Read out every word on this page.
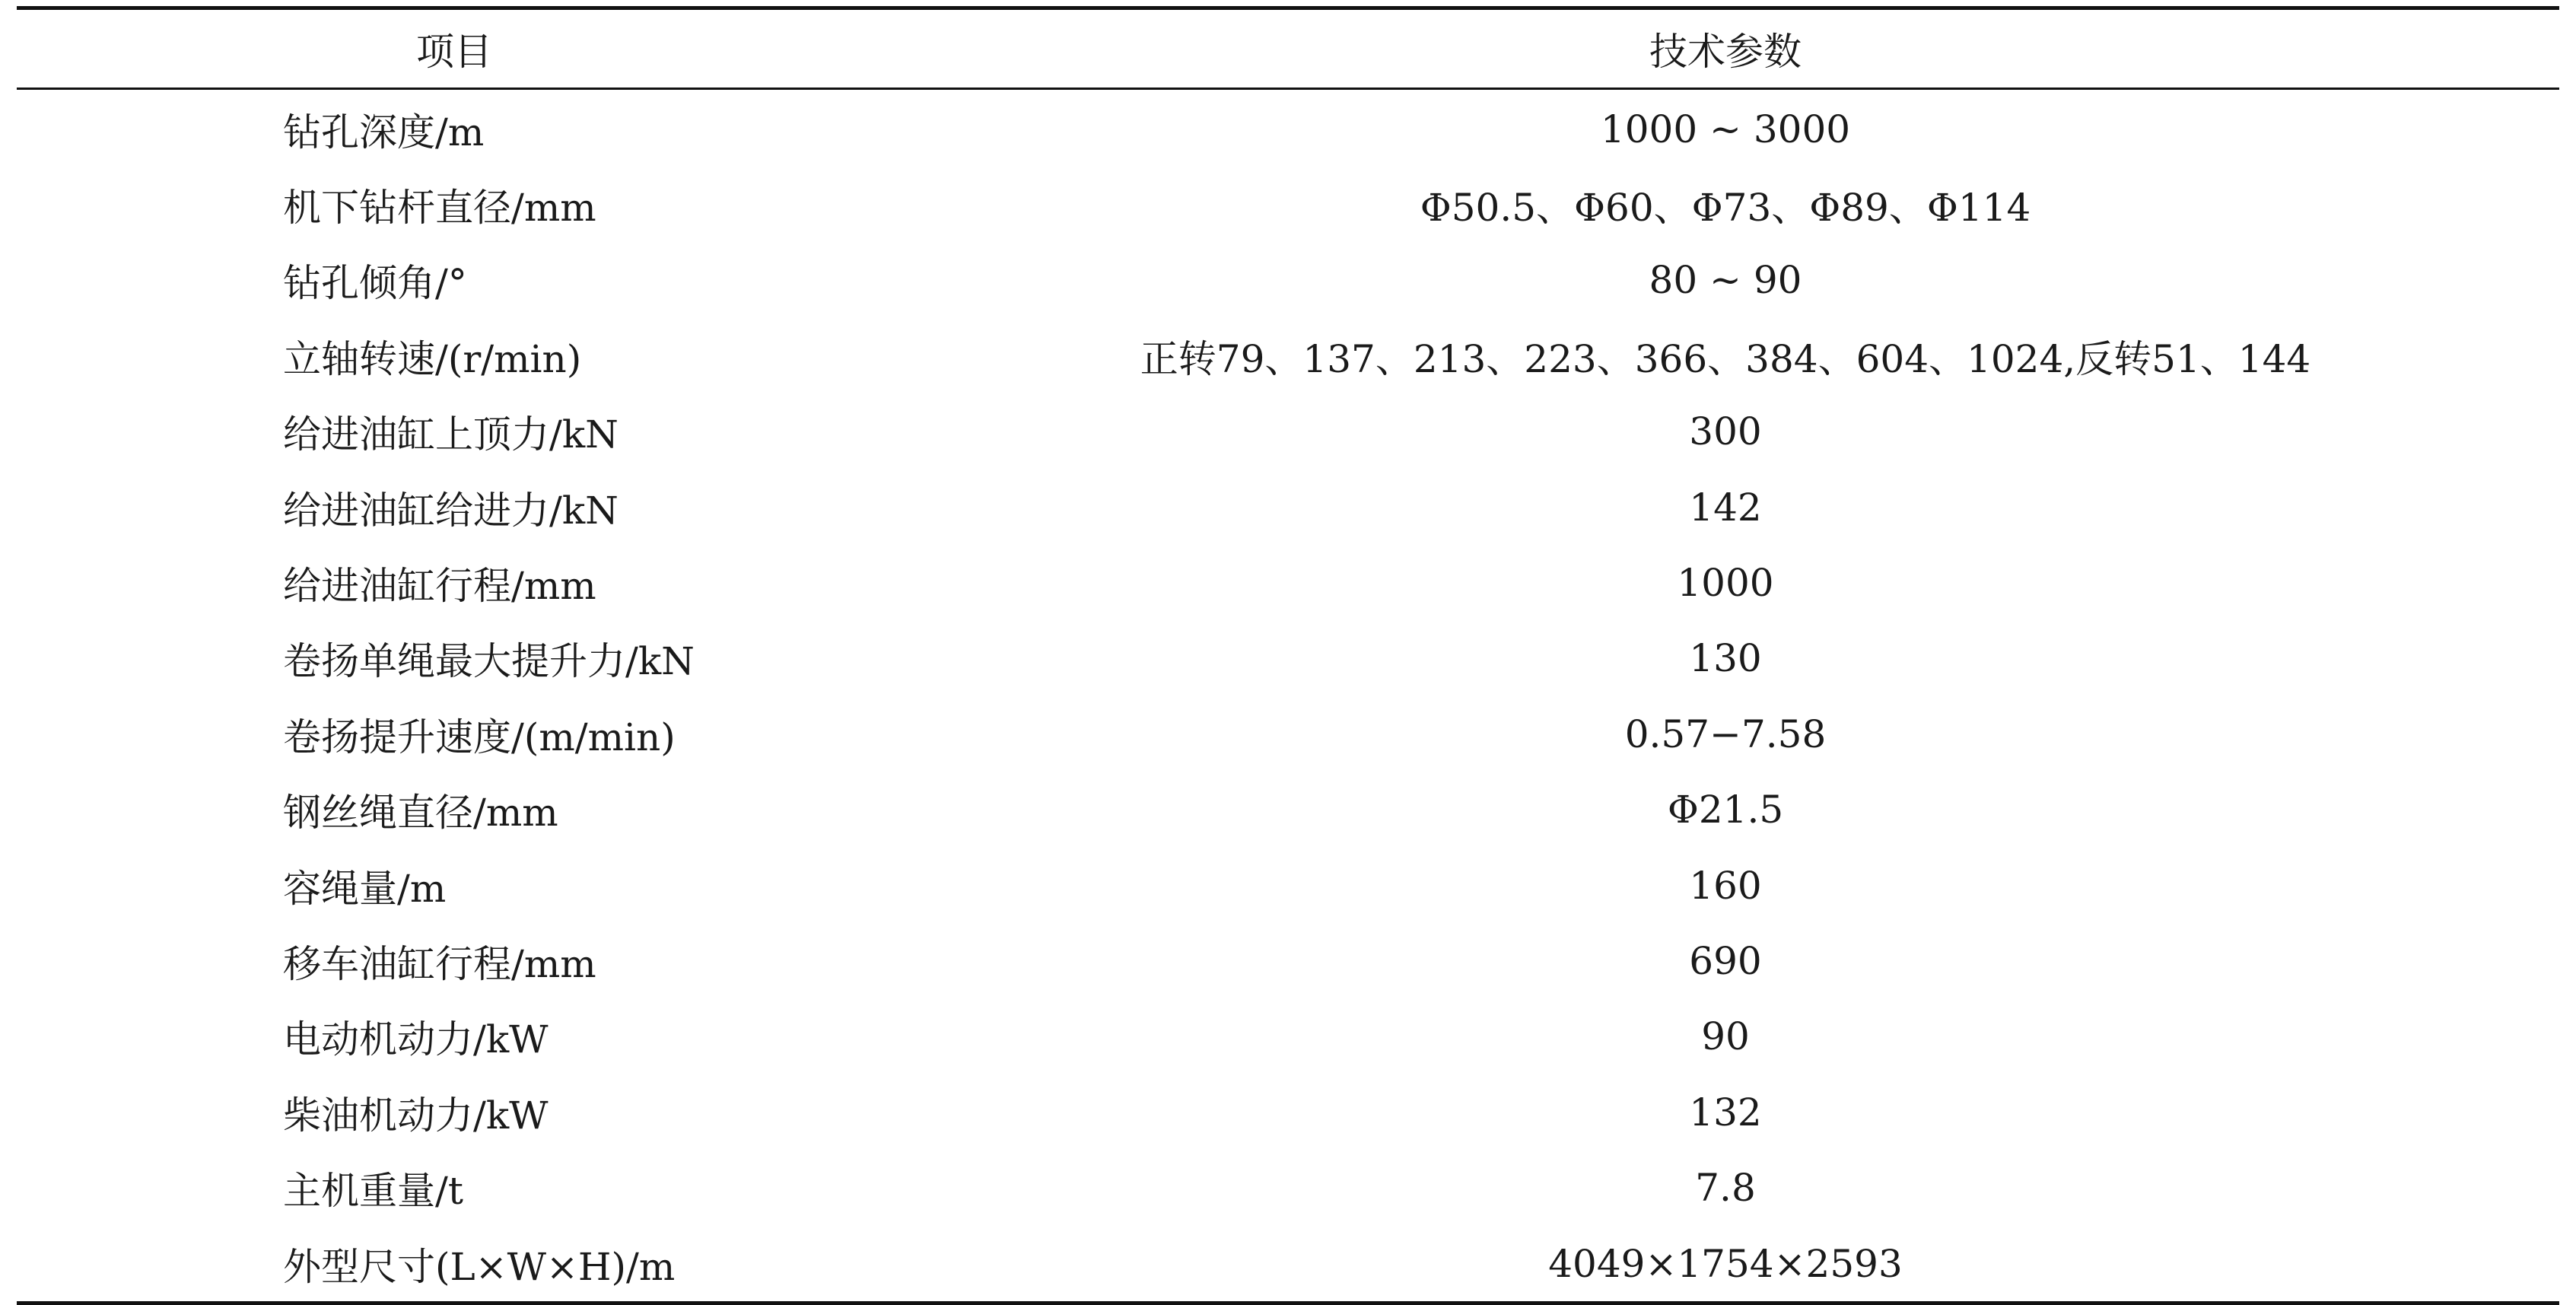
项目	技术参数
钻孔深度/m	1000 ~ 3000
机下钻杆直径/mm	Φ50.5、Φ60、Φ73、Φ89、Φ114
钻孔倾角/°	80 ~ 90
立轴转速/(r/min)	正转79、137、213、223、366、384、604、1024,反转51、144
给进油缸上顶力/kN	300
给进油缸给进力/kN	142
给进油缸行程/mm	1000
卷扬单绳最大提升力/kN	130
卷扬提升速度/(m/min)	0.57−7.58
钢丝绳直径/mm	Φ21.5
容绳量/m	160
移车油缸行程/mm	690
电动机动力/kW	90
柴油机动力/kW	132
主机重量/t	7.8
外型尺寸(L×W×H)/m	4049×1754×2593
